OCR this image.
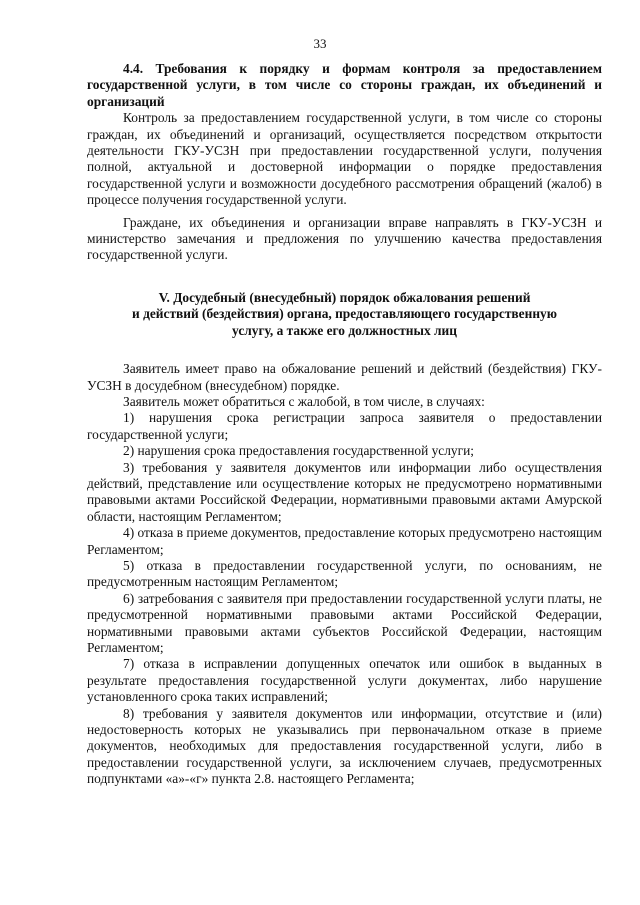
33

4.4. Требования к порядку и формам контроля за предоставлением государственной услуги, в том числе со стороны граждан, их объединений и организаций

Контроль за предоставлением государственной услуги, в том числе со стороны граждан, их объединений и организаций, осуществляется посредством открытости деятельности ГКУ-УСЗН при предоставлении государственной услуги, получения полной, актуальной и достоверной информации о порядке предоставления государственной услуги и возможности досудебного рассмотрения обращений (жалоб) в процессе получения государственной услуги.

Граждане, их объединения и организации вправе направлять в ГКУ-УСЗН и министерство замечания и предложения по улучшению качества предоставления государственной услуги.

V. Досудебный (внесудебный) порядок обжалования решений
и действий (бездействия) органа, предоставляющего государственную
услугу, а также его должностных лиц

Заявитель имеет право на обжалование решений и действий (бездействия) ГКУ-УСЗН в досудебном (внесудебном) порядке.

Заявитель может обратиться с жалобой, в том числе, в случаях:

1) нарушения срока регистрации запроса заявителя о предоставлении государственной услуги;

2) нарушения срока предоставления государственной услуги;

3) требования у заявителя документов или информации либо осуществления действий, представление или осуществление которых не предусмотрено нормативными правовыми актами Российской Федерации, нормативными правовыми актами Амурской области, настоящим Регламентом;

4) отказа в приеме документов, предоставление которых предусмотрено настоящим Регламентом;

5) отказа в предоставлении государственной услуги, по основаниям, не предусмотренным настоящим Регламентом;

6) затребования с заявителя при предоставлении государственной услуги платы, не предусмотренной нормативными правовыми актами Российской Федерации, нормативными правовыми актами субъектов Российской Федерации, настоящим Регламентом;

7) отказа в исправлении допущенных опечаток или ошибок в выданных в результате предоставления государственной услуги документах, либо нарушение установленного срока таких исправлений;

8) требования у заявителя документов или информации, отсутствие и (или) недостоверность которых не указывались при первоначальном отказе в приеме документов, необходимых для предоставления государственной услуги, либо в предоставлении государственной услуги, за исключением случаев, предусмотренных подпунктами «а»-«г» пункта 2.8. настоящего Регламента;
